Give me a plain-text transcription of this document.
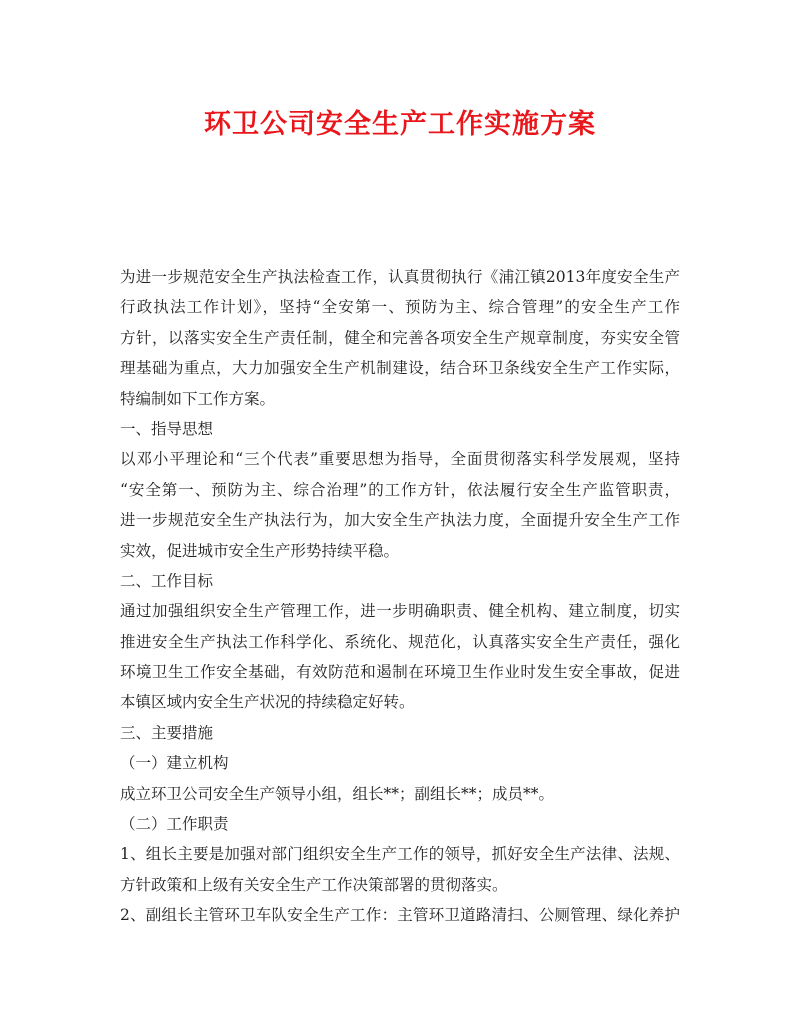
环卫公司安全生产工作实施方案
为进一步规范安全生产执法检查工作，认真贯彻执行《浦江镇2013年度安全生产
行政执法工作计划》，坚持“全安第一、预防为主、综合管理”的安全生产工作
方针，以落实安全生产责任制，健全和完善各项安全生产规章制度，夯实安全管
理基础为重点，大力加强安全生产机制建设，结合环卫条线安全生产工作实际，
特编制如下工作方案。
一、指导思想
以邓小平理论和“三个代表”重要思想为指导，全面贯彻落实科学发展观，坚持
“安全第一、预防为主、综合治理”的工作方针，依法履行安全生产监管职责，
进一步规范安全生产执法行为，加大安全生产执法力度，全面提升安全生产工作
实效，促进城市安全生产形势持续平稳。
二、工作目标
通过加强组织安全生产管理工作，进一步明确职责、健全机构、建立制度，切实
推进安全生产执法工作科学化、系统化、规范化，认真落实安全生产责任，强化
环境卫生工作安全基础，有效防范和遏制在环境卫生作业时发生安全事故，促进
本镇区域内安全生产状况的持续稳定好转。
三、主要措施
（一）建立机构
成立环卫公司安全生产领导小组，组长**；副组长**；成员**。
（二）工作职责
1、组长主要是加强对部门组织安全生产工作的领导，抓好安全生产法律、法规、
方针政策和上级有关安全生产工作决策部署的贯彻落实。
2、副组长主管环卫车队安全生产工作：主管环卫道路清扫、公厕管理、绿化养护
